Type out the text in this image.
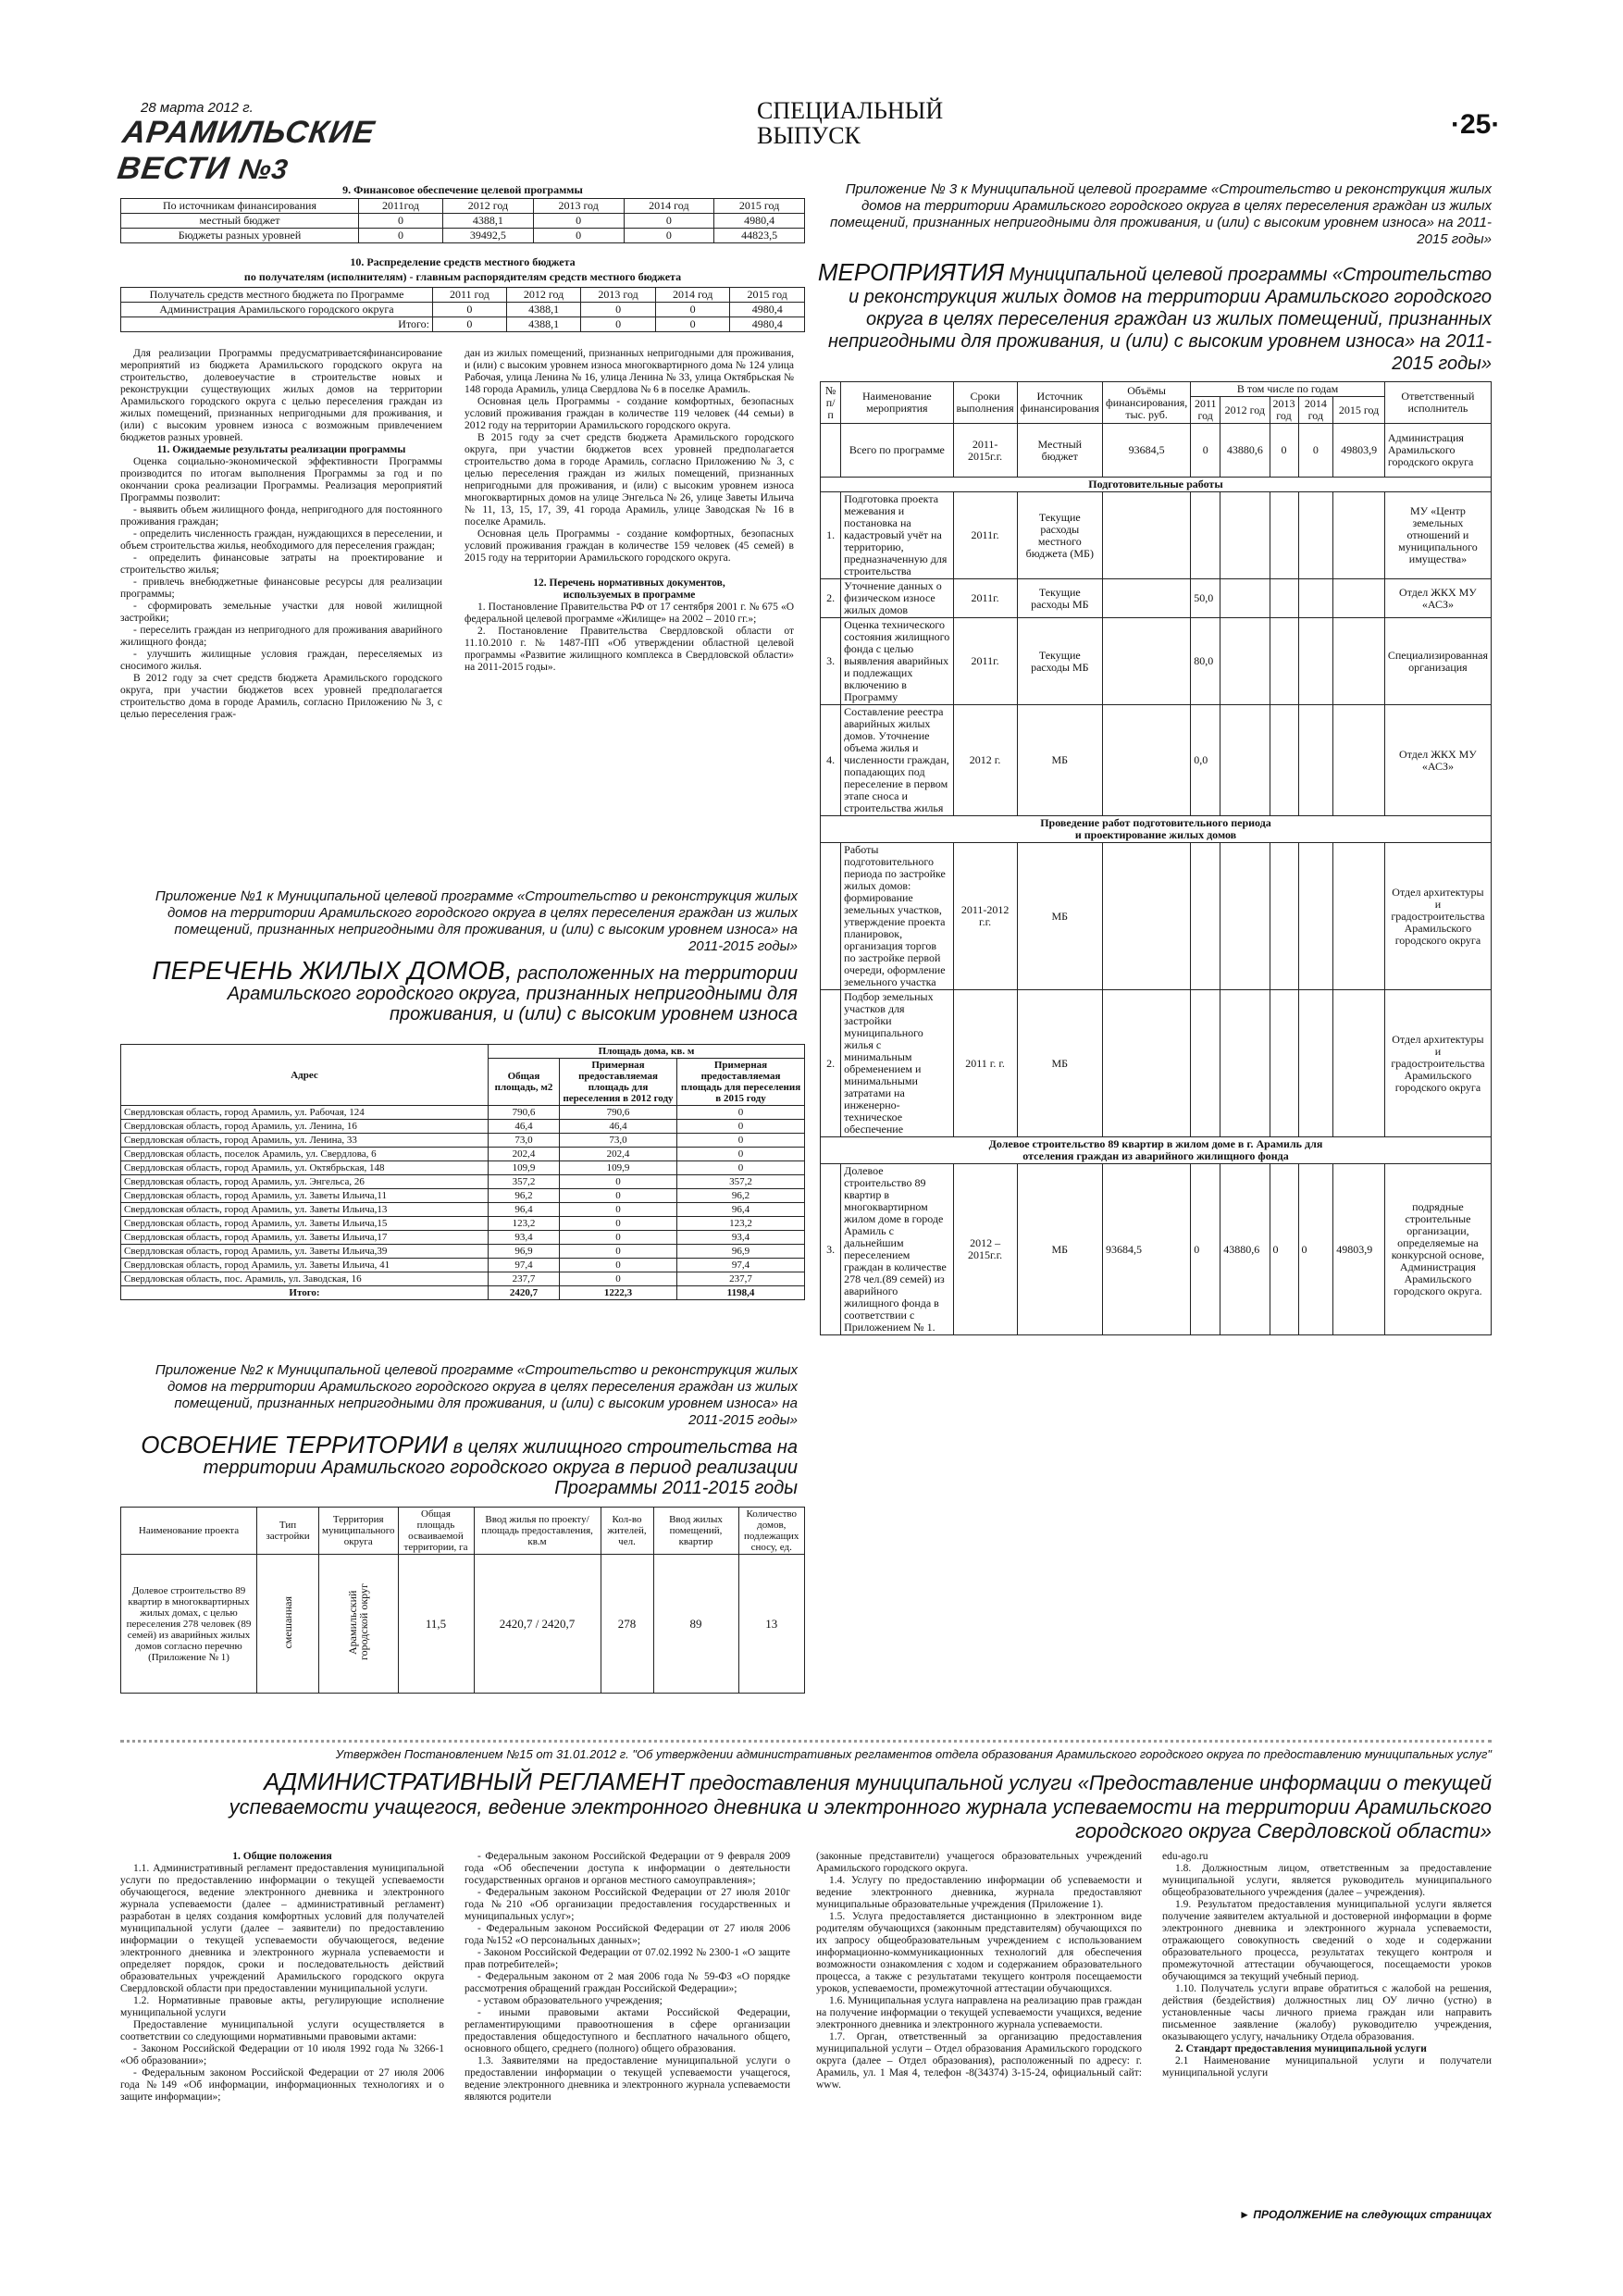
28 марта 2012 г.
АРАМИЛЬСКИЕ ВЕСТИ №3
СПЕЦИАЛЬНЫЙ
ВЫПУСК	·25·
9. Финансовое обеспечение целевой программы
По источникам финансирования	2011год	2012 год	2013 год	2014 год	2015 год
местный бюджет	0	4388,1	0	0	4980,4
Бюджеты разных уровней	0	39492,5	0	0	44823,5
10. Распределение средств местного бюджета
по получателям (исполнителям) - главным распорядителям средств местного бюджета
Получатель средств местного бюджета по Программе	2011 год	2012 год	2013 год	2014 год	2015 год
Администрация Арамильского городского округа	0	4388,1	0	0	4980,4
Итого:	0	4388,1	0	0	4980,4

Для реализации Программы предусматриваетсяфинансирование мероприятий из бюджета Арамильского городского округа на строительство, долевоеучастие в строительстве новых и реконструкции существующих жилых домов на территории Арамильского городского округа с целью переселения граждан из жилых помещений, признанных непригодными для проживания, и (или) с высоким уровнем износа с возможным привлечением бюджетов разных уровней.

11. Ожидаемые результаты реализации программы

Оценка социально-экономической эффективности Программы производится по итогам выполнения Программы за год и по окончании срока реализации Программы. Реализация мероприятий Программы позволит:

- выявить объем жилищного фонда, непригодного для постоянного проживания граждан;

- определить численность граждан, нуждающихся в переселении, и объем строительства жилья, необходимого для переселения граждан;

- определить финансовые затраты на проектирование и строительство жилья;

- привлечь внебюджетные финансовые ресурсы для реализации программы;

- сформировать земельные участки для новой жилищной застройки;

- переселить граждан из непригодного для проживания аварийного жилищного фонда;

- улучшить жилищные условия граждан, переселяемых из сносимого жилья.

В 2012 году за счет средств бюджета Арамильского городского округа, при участии бюджетов всех уровней предполагается строительство дома в городе Арамиль, согласно Приложению № 3, с целью переселения граж-

дан из жилых помещений, признанных непригодными для проживания, и (или) с высоким уровнем износа многоквартирного дома № 124 улица Рабочая, улица Ленина № 16, улица Ленина № 33, улица Октябрьская № 148 города Арамиль, улица Свердлова № 6 в поселке Арамиль.

Основная цель Программы - создание комфортных, безопасных условий проживания граждан в количестве 119 человек (44 семьи) в 2012 году на территории Арамильского городского округа.

В 2015 году за счет средств бюджета Арамильского городского округа, при участии бюджетов всех уровней предполагается строительство дома в городе Арамиль, согласно Приложению № 3, с целью переселения граждан из жилых помещений, признанных непригодными для проживания, и (или) с высоким уровнем износа многоквартирных домов на улице Энгельса № 26, улице Заветы Ильича № 11, 13, 15, 17, 39, 41 города Арамиль, улице Заводская № 16 в поселке Арамиль.

Основная цель Программы - создание комфортных, безопасных условий проживания граждан в количестве 159 человек (45 семей) в 2015 году на территории Арамильского городского округа.

12. Перечень нормативных документов, используемых в программе

1. Постановление Правительства РФ от 17 сентября 2001 г. № 675 «О федеральной целевой программе «Жилище» на 2002 – 2010 гг.»;

2. Постановление Правительства Свердловской области от 11.10.2010 г. № 1487-ПП «Об утверждении областной целевой программы «Развитие жилищного комплекса в Свердловской области» на 2011-2015 годы».

Приложение №1 к Муниципальной целевой программе «Строительство и реконструкция жилых домов на территории Арамильского городского округа в целях переселения граждан из жилых помещений, признанных непригодными для проживания, и (или) с высоким уровнем износа» на 2011-2015 годы»
ПЕРЕЧЕНЬ ЖИЛЫХ ДОМОВ, расположенных на территории Арамильского городского округа, признанных непригодными для проживания, и (или) с высоким уровнем износа
Адрес	Площадь дома, кв. м		
	Общая площадь, м2	Примерная предоставляемая площадь для переселения в 2012 году	Примерная предоставляемая площадь для переселения в 2015 году
Свердловская область, город Арамиль, ул. Рабочая, 124	790,6	790,6	0
Свердловская область, город Арамиль, ул. Ленина, 16	46,4	46,4	0
Свердловская область, город Арамиль, ул. Ленина, 33	73,0	73,0	0
Свердловская область, поселок Арамиль, ул. Свердлова, 6	202,4	202,4	0
Свердловская область, город Арамиль, ул. Октябрьская, 148	109,9	109,9	0
Свердловская область, город Арамиль, ул. Энгельса, 26	357,2	0	357,2
Свердловская область, город Арамиль, ул. Заветы Ильича,11	96,2	0	96,2
Свердловская область, город Арамиль, ул. Заветы Ильича,13	96,4	0	96,4
Свердловская область, город Арамиль, ул. Заветы Ильича,15	123,2	0	123,2
Свердловская область, город Арамиль, ул. Заветы Ильича,17	93,4	0	93,4
Свердловская область, город Арамиль, ул. Заветы Ильича,39	96,9	0	96,9
Свердловская область, город Арамиль, ул. Заветы Ильича, 41	97,4	0	97,4
Свердловская область, пос. Арамиль, ул. Заводская, 16	237,7	0	237,7
Итого:	2420,7	1222,3	1198,4
Приложение №2 к Муниципальной целевой программе «Строительство и реконструкция жилых домов на территории Арамильского городского округа в целях переселения граждан из жилых помещений, признанных непригодными для проживания, и (или) с высоким уровнем износа» на 2011-2015 годы»
ОСВОЕНИЕ ТЕРРИТОРИИ в целях жилищного строительства на территории Арамильского городского округа в период реализации Программы 2011-2015 годы
Наименование проекта	Тип застройки	Территория муниципального округа	Общая площадь осваиваемой территории, га	Ввод жилья по проекту/площадь предоставления, кв.м	Кол-во жителей, чел.	Ввод жилых помещений, квартир	Количество домов, подлежащих сносу, ед.
Долевое строительство 89 квартир в многоквартирных жилых домах, с целью переселения 278 человек (89 семей) из аварийных жилых домов согласно перечню (Приложение № 1)	смешанная	Арамильский городской округ	11,5	2420,7 / 2420,7	278	89	13
Приложение № 3 к Муниципальной целевой программе «Строительство и реконструкция жилых домов на территории Арамильского городского округа в целях переселения граждан из жилых помещений, признанных непригодными для проживания, и (или) с высоким уровнем износа» на 2011-2015 годы»
МЕРОПРИЯТИЯ Муниципальной целевой программы «Строительство и реконструкция жилых домов на территории Арамильского городского округа в целях переселения граждан из жилых помещений, признанных непригодными для проживания, и (или) с высоким уровнем износа» на 2011-2015 годы»
№ п/п	Наименование мероприятия	Сроки выполнения	Источник финансирования	Объёмы финансирования, тыс. руб.	В том числе по годам					Ответственный исполнитель
					2011 год	2012 год	2013 год	2014 год	2015 год	
	Всего по программе	2011-2015г.г.	Местный бюджет	93684,5	0	43880,6	0	0	49803,9	Администрация Арамильского городского округа
Подготовительные работы										
1.	Подготовка проекта межевания и постановка на кадастровый учёт на территорию, предназначенную для строительства	2011г.	Текущие расходы местного бюджета (МБ)							МУ «Центр земельных отношений и муниципального имущества»
2.	Уточнение данных о физическом износе жилых домов	2011г.	Текущие расходы МБ		50,0					Отдел ЖКХ МУ «АСЗ»
3.	Оценка технического состояния жилищного фонда с целью выявления аварийных и подлежащих включению в Программу	2011г.	Текущие расходы МБ		80,0					Специализированная организация
4.	Составление реестра аварийных жилых домов. Уточнение объема жилья и численности граждан, попадающих под переселение в первом этапе сноса и строительства жилья	2012 г.	МБ		0,0					Отдел ЖКХ МУ «АСЗ»

Проведение работ подготовительного периода
и проектирование жилых домов										

	Работы подготовительного периода по застройке жилых домов: формирование земельных участков, утверждение проекта планировок, организация торгов по застройке первой очереди, оформление земельного участка	2011-2012 г.г.	МБ							Отдел архитектуры и градостроительства Арамильского городского округа
2.	Подбор земельных участков для застройки муниципального жилья с минимальным обременением и минимальными затратами на инженерно-техническое обеспечение	2011 г. г.	МБ							Отдел архитектуры и градостроительства Арамильского городского округа

Долевое строительство 89 квартир в жилом доме в г. Арамиль для
отселения граждан из аварийного жилищного фонда										

3.	Долевое строительство 89 квартир в многоквартирном жилом доме в городе Арамиль с дальнейшим переселением граждан в количестве 278 чел.(89 семей) из аварийного жилищного фонда в соответствии с Приложением № 1.	2012 –2015г.г.	МБ	93684,5	0	43880,6	0	0	49803,9	подрядные строительные организации, определяемые на конкурсной основе, Администрация Арамильского городского округа.
Утвержден Постановлением №15 от 31.01.2012 г. "Об утверждении административных регламентов отдела образования Арамильского городского округа по предоставлению муниципальных услуг"
АДМИНИСТРАТИВНЫЙ РЕГЛАМЕНТ предоставления муниципальной услуги «Предоставление информации о текущей успеваемости учащегося, ведение электронного дневника и электронного журнала успеваемости на территории Арамильского городского округа Свердловской области»

1. Общие положения

1.1. Административный регламент предоставления муниципальной услуги по предоставлению информации о текущей успеваемости обучающегося, ведение электронного дневника и электронного журнала успеваемости (далее – административный регламент) разработан в целях создания комфортных условий для получателей муниципальной услуги (далее – заявители) по предоставлению информации о текущей успеваемости обучающегося, ведение электронного дневника и электронного журнала успеваемости и определяет порядок, сроки и последовательность действий образовательных учреждений Арамильского городского округа Свердловской области при предоставлении муниципальной услуги.

1.2. Нормативные правовые акты, регулирующие исполнение муниципальной услуги

Предоставление муниципальной услуги осуществляется в соответствии со следующими нормативными правовыми актами:

- Законом Российской Федерации от 10 июля 1992 года № 3266-1 «Об образовании»;

- Федеральным законом Российской Федерации от 27 июля 2006 года №149 «Об информации, информационных технологиях и о защите информации»;

- Федеральным законом Российской Федерации от 9 февраля 2009 года «Об обеспечении доступа к информации о деятельности государственных органов и органов местного самоуправления»;

- Федеральным законом Российской Федерации от 27 июля 2010г года №210 «Об организации предоставления государственных и муниципальных услуг»;

- Федеральным законом Российской Федерации от 27 июля 2006 года №152 «О персональных данных»;

- Законом Российской Федерации от 07.02.1992 № 2300-1 «О защите прав потребителей»;

- Федеральным законом от 2 мая 2006 года № 59-ФЗ «О порядке рассмотрения обращений граждан Российской Федерации»;

- уставом образовательного учреждения;

- иными правовыми актами Российской Федерации, регламентирующими правоотношения в сфере организации предоставления общедоступного и бесплатного начального общего, основного общего, среднего (полного) общего образования.

1.3. Заявителями на предоставление муниципальной услуги о предоставлении информации о текущей успеваемости учащегося, ведение электронного дневника и электронного журнала успеваемости являются родители

(законные представители) учащегося образовательных учреждений Арамильского городского округа.

1.4. Услугу по предоставлению информации об успеваемости и ведение электронного дневника, журнала предоставляют муниципальные образовательные учреждения (Приложение 1).

1.5. Услуга предоставляется дистанционно в электронном виде родителям обучающихся (законным представителям) обучающихся по их запросу общеобразовательным учреждением с использованием информационно-коммуникационных технологий для обеспечения возможности ознакомления с ходом и содержанием образовательного процесса, а также с результатами текущего контроля посещаемости уроков, успеваемости, промежуточной аттестации обучающихся.

1.6. Муниципальная услуга направлена на реализацию прав граждан на получение информации о текущей успеваемости учащихся, ведение электронного дневника и электронного журнала успеваемости.

1.7. Орган, ответственный за организацию предоставления муниципальной услуги – Отдел образования Арамильского городского округа (далее – Отдел образования), расположенный по адресу: г. Арамиль, ул. 1 Мая 4, телефон -8(34374) 3-15-24, официальный сайт: www.

edu-ago.ru

1.8. Должностным лицом, ответственным за предоставление муниципальной услуги, является руководитель муниципального общеобразовательного учреждения (далее – учреждения).

1.9. Результатом предоставления муниципальной услуги является получение заявителем актуальной и достоверной информации в форме электронного дневника и электронного журнала успеваемости, отражающего совокупность сведений о ходе и содержании образовательного процесса, результатах текущего контроля и промежуточной аттестации обучающегося, посещаемости уроков обучающимся за текущий учебный период.

1.10. Получатель услуги вправе обратиться с жалобой на решения, действия (бездействия) должностных лиц ОУ лично (устно) в установленные часы личного приема граждан или направить письменное заявление (жалобу) руководителю учреждения, оказывающего услугу, начальнику Отдела образования.

2. Стандарт предоставления муниципальной услуги

2.1 Наименование муниципальной услуги и получатели муниципальной услуги

► ПРОДОЛЖЕНИЕ на следующих страницах
